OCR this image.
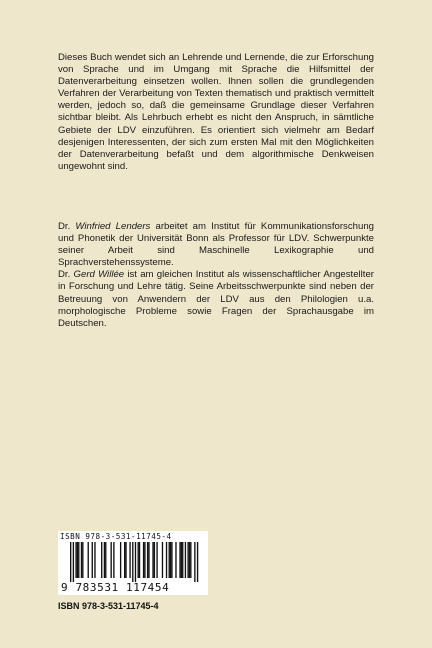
Dieses Buch wendet sich an Lehrende und Lernende, die zur Erforschung von Sprache und im Umgang mit Sprache die Hilfsmittel der Datenverarbeitung einsetzen wollen. Ihnen sollen die grundlegenden Verfahren der Verarbeitung von Texten thematisch und praktisch vermittelt werden, jedoch so, daß die gemeinsame Grundlage dieser Verfahren sichtbar bleibt. Als Lehrbuch erhebt es nicht den Anspruch, in sämtliche Gebiete der LDV einzuführen. Es orientiert sich vielmehr am Bedarf desjenigen Interessenten, der sich zum ersten Mal mit den Möglichkeiten der Datenverarbeitung befaßt und dem algorithmische Denkweisen ungewohnt sind.

Dr. Winfried Lenders arbeitet am Institut für Kommunikationsforschung und Phonetik der Universität Bonn als Professor für LDV. Schwerpunkte seiner Arbeit sind Maschinelle Lexikographie und Sprachverstehenssysteme.

Dr. Gerd Willée ist am gleichen Institut als wissenschaftlicher Angestellter in Forschung und Lehre tätig. Seine Arbeitsschwerpunkte sind neben der Betreuung von Anwendern der LDV aus den Philologien u.a. morphologische Probleme sowie Fragen der Sprachausgabe im Deutschen.

ISBN 978-3-531-11745-4
9 783531 117454
ISBN 978-3-531-11745-4
